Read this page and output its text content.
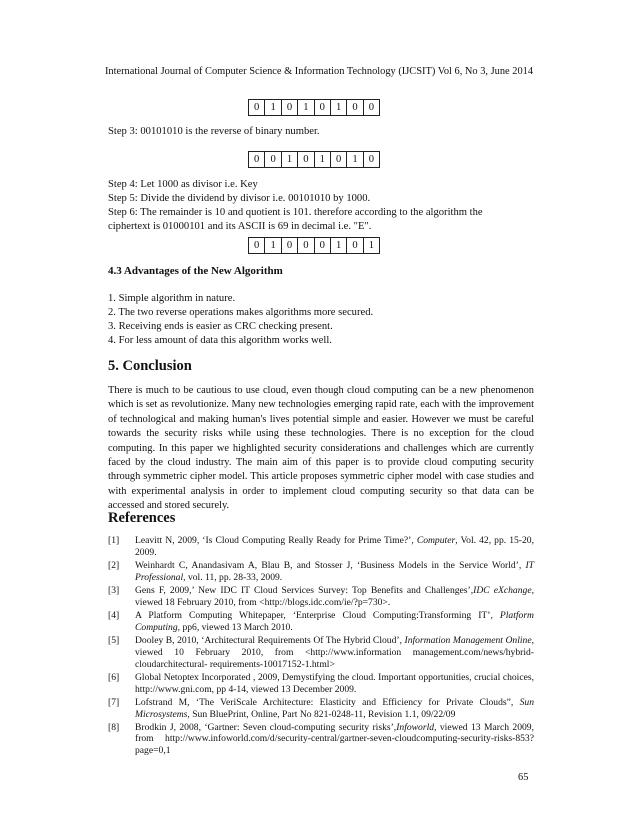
International Journal of Computer Science & Information Technology (IJCSIT) Vol 6, No 3, June 2014
0	1	0	1	0	1	0	0
Step 3: 00101010 is the reverse of binary number.
0	0	1	0	1	0	1	0
Step 4: Let 1000 as divisor i.e. Key
Step 5: Divide the dividend by divisor i.e. 00101010 by 1000.
Step 6: The remainder is 10 and quotient is 101. therefore according to the algorithm the
ciphertext is 01000101 and its ASCII is 69 in decimal i.e. "E".
0	1	0	0	0	1	0	1
4.3 Advantages of the New Algorithm
1. Simple algorithm in nature.
2. The two reverse operations makes algorithms more secured.
3. Receiving ends is easier as CRC checking present.
4. For less amount of data this algorithm works well.
5. Conclusion

There is much to be cautious to use cloud, even though cloud computing can be a new phenomenon which is set as revolutionize. Many new technologies emerging rapid rate, each with the improvement of technological and making human's lives potential simple and easier. However we must be careful towards the security risks while using these technologies. There is no exception for the cloud computing. In this paper we highlighted security considerations and challenges which are currently faced by the cloud industry. The main aim of this paper is to provide cloud computing security through symmetric cipher model. This article proposes symmetric cipher model with case studies and with experimental analysis in order to implement cloud computing security so that data can be accessed and stored securely.

References
[1] Leavitt N, 2009, ‘Is Cloud Computing Really Ready for Prime Time?’, Computer, Vol. 42, pp. 15-20, 2009.
[2] Weinhardt C, Anandasivam A, Blau B, and Stosser J, ‘Business Models in the Service World’, IT Professional, vol. 11, pp. 28-33, 2009.
[3] Gens F, 2009,’ New IDC IT Cloud Services Survey: Top Benefits and Challenges’,IDC eXchange, viewed 18 February 2010, from <http://blogs.idc.com/ie/?p=730>.
[4] A Platform Computing Whitepaper, ‘Enterprise Cloud Computing:Transforming IT’, Platform Computing, pp6, viewed 13 March 2010.
[5] Dooley B, 2010, ‘Architectural Requirements Of The Hybrid Cloud’, Information Management Online, viewed 10 February 2010, from <http://www.information management.com/news/hybrid-cloudarchitectural- requirements-10017152-1.html>
[6] Global Netoptex Incorporated , 2009, Demystifying the cloud. Important opportunities, crucial choices, http://www.gni.com, pp 4-14, viewed 13 December 2009.
[7] Lofstrand M, ‘The VeriScale Architecture: Elasticity and Efficiency for Private Clouds”, Sun Microsystems, Sun BluePrint, Online, Part No 821-0248-11, Revision 1.1, 09/22/09
[8] Brodkin J, 2008, ‘Gartner: Seven cloud-computing security risks’,Infoworld, viewed 13 March 2009, from http://www.infoworld.com/d/security-central/gartner-seven-cloudcomputing-security-risks-853?page=0,1
65
